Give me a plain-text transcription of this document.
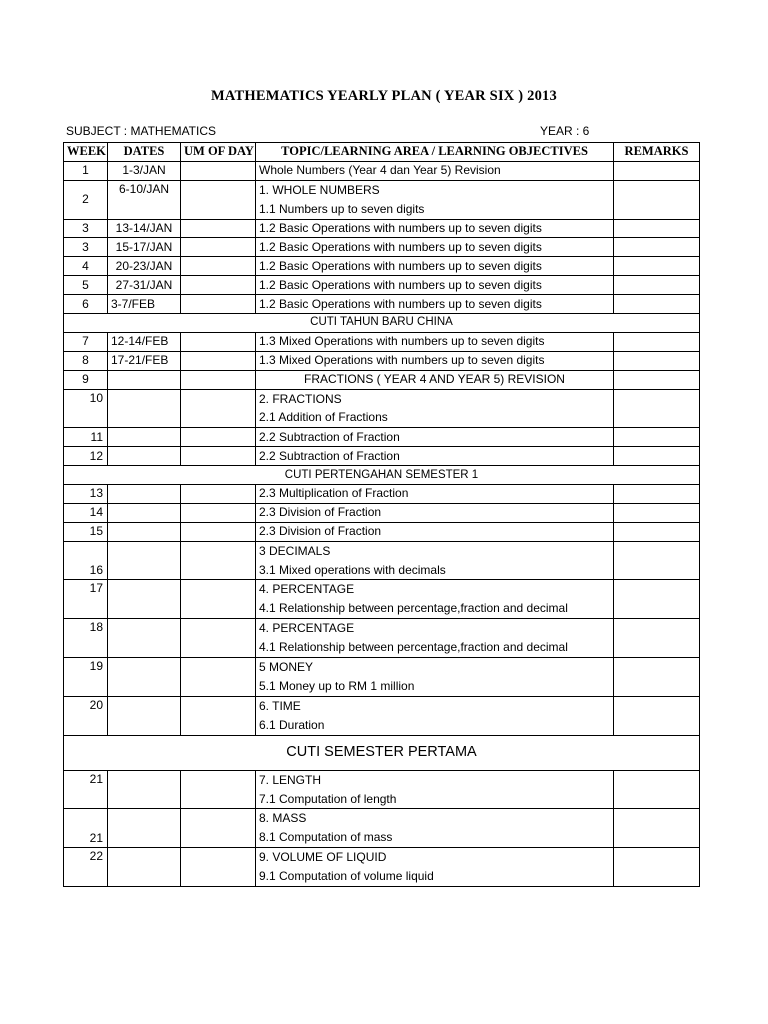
MATHEMATICS YEARLY PLAN ( YEAR SIX ) 2013
SUBJECT : MATHEMATICS	YEAR : 6
WEEK	DATES	UM OF DAY	TOPIC/LEARNING AREA / LEARNING OBJECTIVES	REMARKS
1	1-3/JAN		Whole Numbers (Year 4 dan Year 5) Revision	
2	6-10/JAN		1. WHOLE NUMBERS
1.1 Numbers up to seven digits	

3	13-14/JAN		1.2 Basic Operations with numbers up to seven digits	
3	15-17/JAN		1.2 Basic Operations with numbers up to seven digits	
4	20-23/JAN		1.2 Basic Operations with numbers up to seven digits	
5	27-31/JAN		1.2 Basic Operations with numbers up to seven digits	
6	3-7/FEB		1.2 Basic Operations with numbers up to seven digits	
CUTI TAHUN BARU CHINA				
7	12-14/FEB		1.3 Mixed Operations with numbers up to seven digits	
8	17-21/FEB		1.3 Mixed Operations with numbers up to seven digits	
9			FRACTIONS ( YEAR 4 AND YEAR 5) REVISION	
10			2. FRACTIONS
2.1 Addition of Fractions	

11			2.2 Subtraction of Fraction	
12			2.2 Subtraction of Fraction	
CUTI PERTENGAHAN SEMESTER 1				
13			2.3 Multiplication of Fraction	
14			2.3 Division of Fraction	
15			2.3 Division of Fraction	
16			3 DECIMALS
3.1 Mixed operations with decimals	

17			4. PERCENTAGE
4.1 Relationship between percentage,fraction and decimal	

18			4. PERCENTAGE
4.1 Relationship between percentage,fraction and decimal	

19			5 MONEY
5.1 Money up to RM 1 million	

20			6. TIME
6.1 Duration	

CUTI SEMESTER PERTAMA				
21			7. LENGTH
7.1 Computation of length	

21			8. MASS
8.1 Computation of mass	

22			9. VOLUME OF LIQUID
9.1 Computation of volume liquid	
